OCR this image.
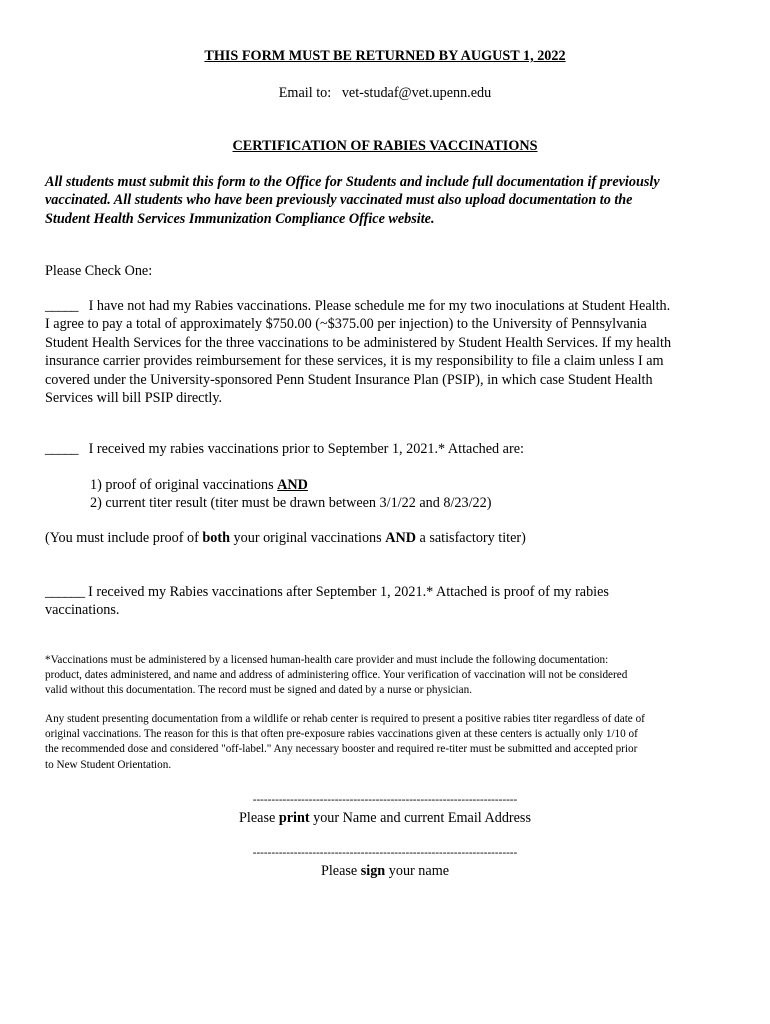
THIS FORM MUST BE RETURNED BY AUGUST 1, 2022
Email to: vet-studaf@vet.upenn.edu
CERTIFICATION OF RABIES VACCINATIONS
All students must submit this form to the Office for Students and include full documentation if previously
vaccinated. All students who have been previously vaccinated must also upload documentation to the
Student Health Services Immunization Compliance Office website.
Please Check One:
_____ I have not had my Rabies vaccinations. Please schedule me for my two inoculations at Student Health.
I agree to pay a total of approximately $750.00 (~$375.00 per injection) to the University of Pennsylvania
Student Health Services for the three vaccinations to be administered by Student Health Services. If my health
insurance carrier provides reimbursement for these services, it is my responsibility to file a claim unless I am
covered under the University-sponsored Penn Student Insurance Plan (PSIP), in which case Student Health
Services will bill PSIP directly.
_____ I received my rabies vaccinations prior to September 1, 2021.* Attached are:
1) proof of original vaccinations AND
2) current titer result (titer must be drawn between 3/1/22 and 8/23/22)
(You must include proof of both your original vaccinations AND a satisfactory titer)
______ I received my Rabies vaccinations after September 1, 2021.* Attached is proof of my rabies
vaccinations.
*Vaccinations must be administered by a licensed human-health care provider and must include the following documentation:
product, dates administered, and name and address of administering office. Your verification of vaccination will not be considered
valid without this documentation. The record must be signed and dated by a nurse or physician.
Any student presenting documentation from a wildlife or rehab center is required to present a positive rabies titer regardless of date of
original vaccinations. The reason for this is that often pre-exposure rabies vaccinations given at these centers is actually only 1/10 of
the recommended dose and considered "off-label." Any necessary booster and required re-titer must be submitted and accepted prior
to New Student Orientation.
-----------------------------------------------------------------------
Please print your Name and current Email Address
-----------------------------------------------------------------------
Please sign your name
